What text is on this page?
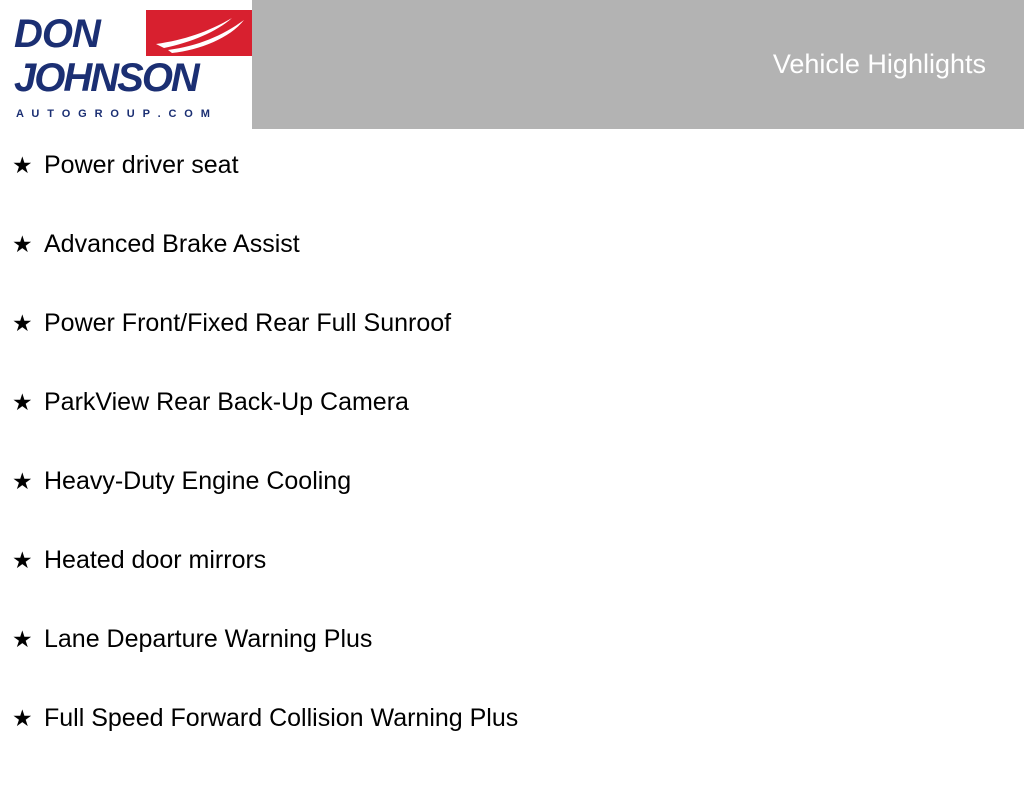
DON
JOHNSON
A U T O G R O U P . C O M
Vehicle Highlights
★ Power driver seat
★ Advanced Brake Assist
★ Power Front/Fixed Rear Full Sunroof
★ ParkView Rear Back-Up Camera
★ Heavy-Duty Engine Cooling
★ Heated door mirrors
★ Lane Departure Warning Plus
★ Full Speed Forward Collision Warning Plus
